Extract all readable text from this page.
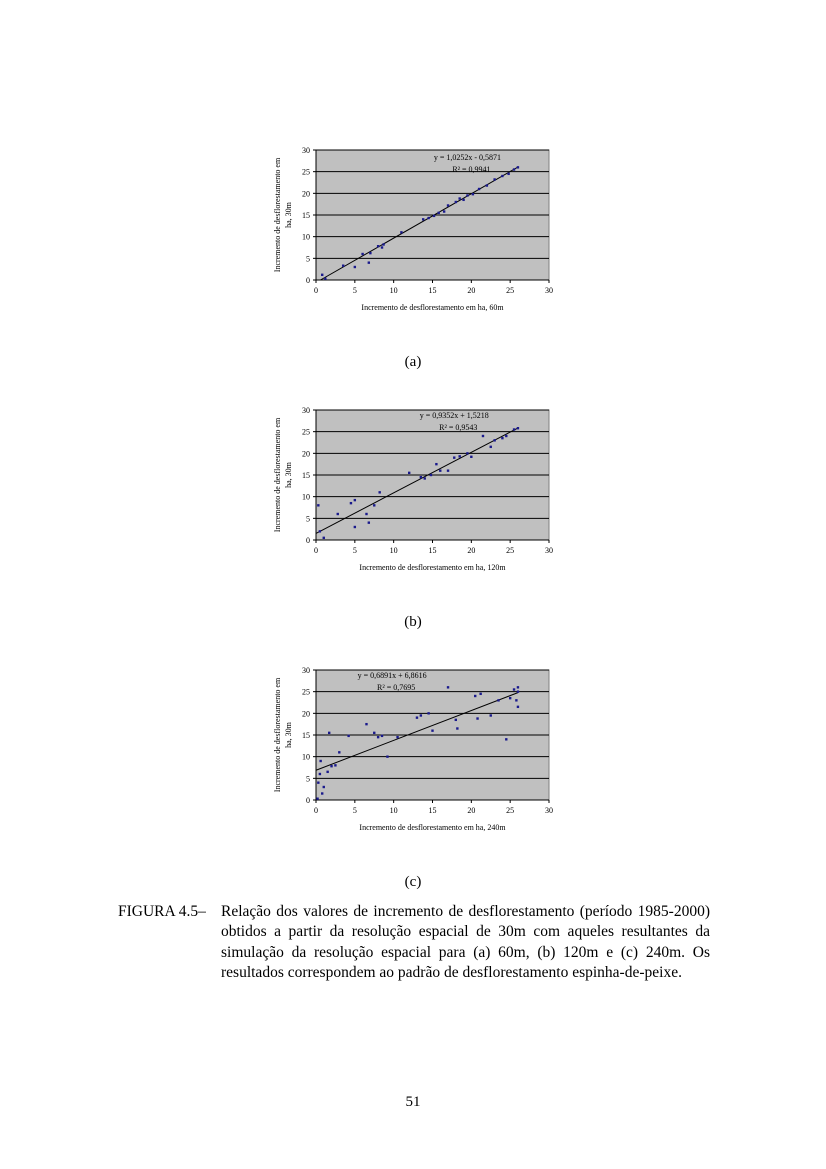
0
5
10
15
20
25
30
0	5	10	15	20	25	30
Incremento de desflorestamento em ha, 60m
Incremento de desflorestamento em ha, 30m
y = 1,0252x - 0,5871
R² = 0,9941
(a)
0
5
10
15
20
25
30
0	5	10	15	20	25	30
Incremento de desflorestamento em ha, 120m
Incremento de desflorestamento em ha, 30m
y = 0,9352x + 1,5218
R² = 0,9543
(b)
0
5
10
15
20
25
30
0	5	10	15	20	25	30
Incremento de desflorestamento em ha, 240m
Incremento de desflorestamento em ha, 30m
y = 0,6891x + 6,8616
R² = 0,7695
(c)
FIGURA 4.5– Relação dos valores de incremento de desflorestamento (período 1985-2000) obtidos a partir da resolução espacial de 30m com aqueles resultantes da simulação da resolução espacial para (a) 60m, (b) 120m e (c) 240m. Os resultados correspondem ao padrão de desflorestamento espinha-de-peixe.
51
